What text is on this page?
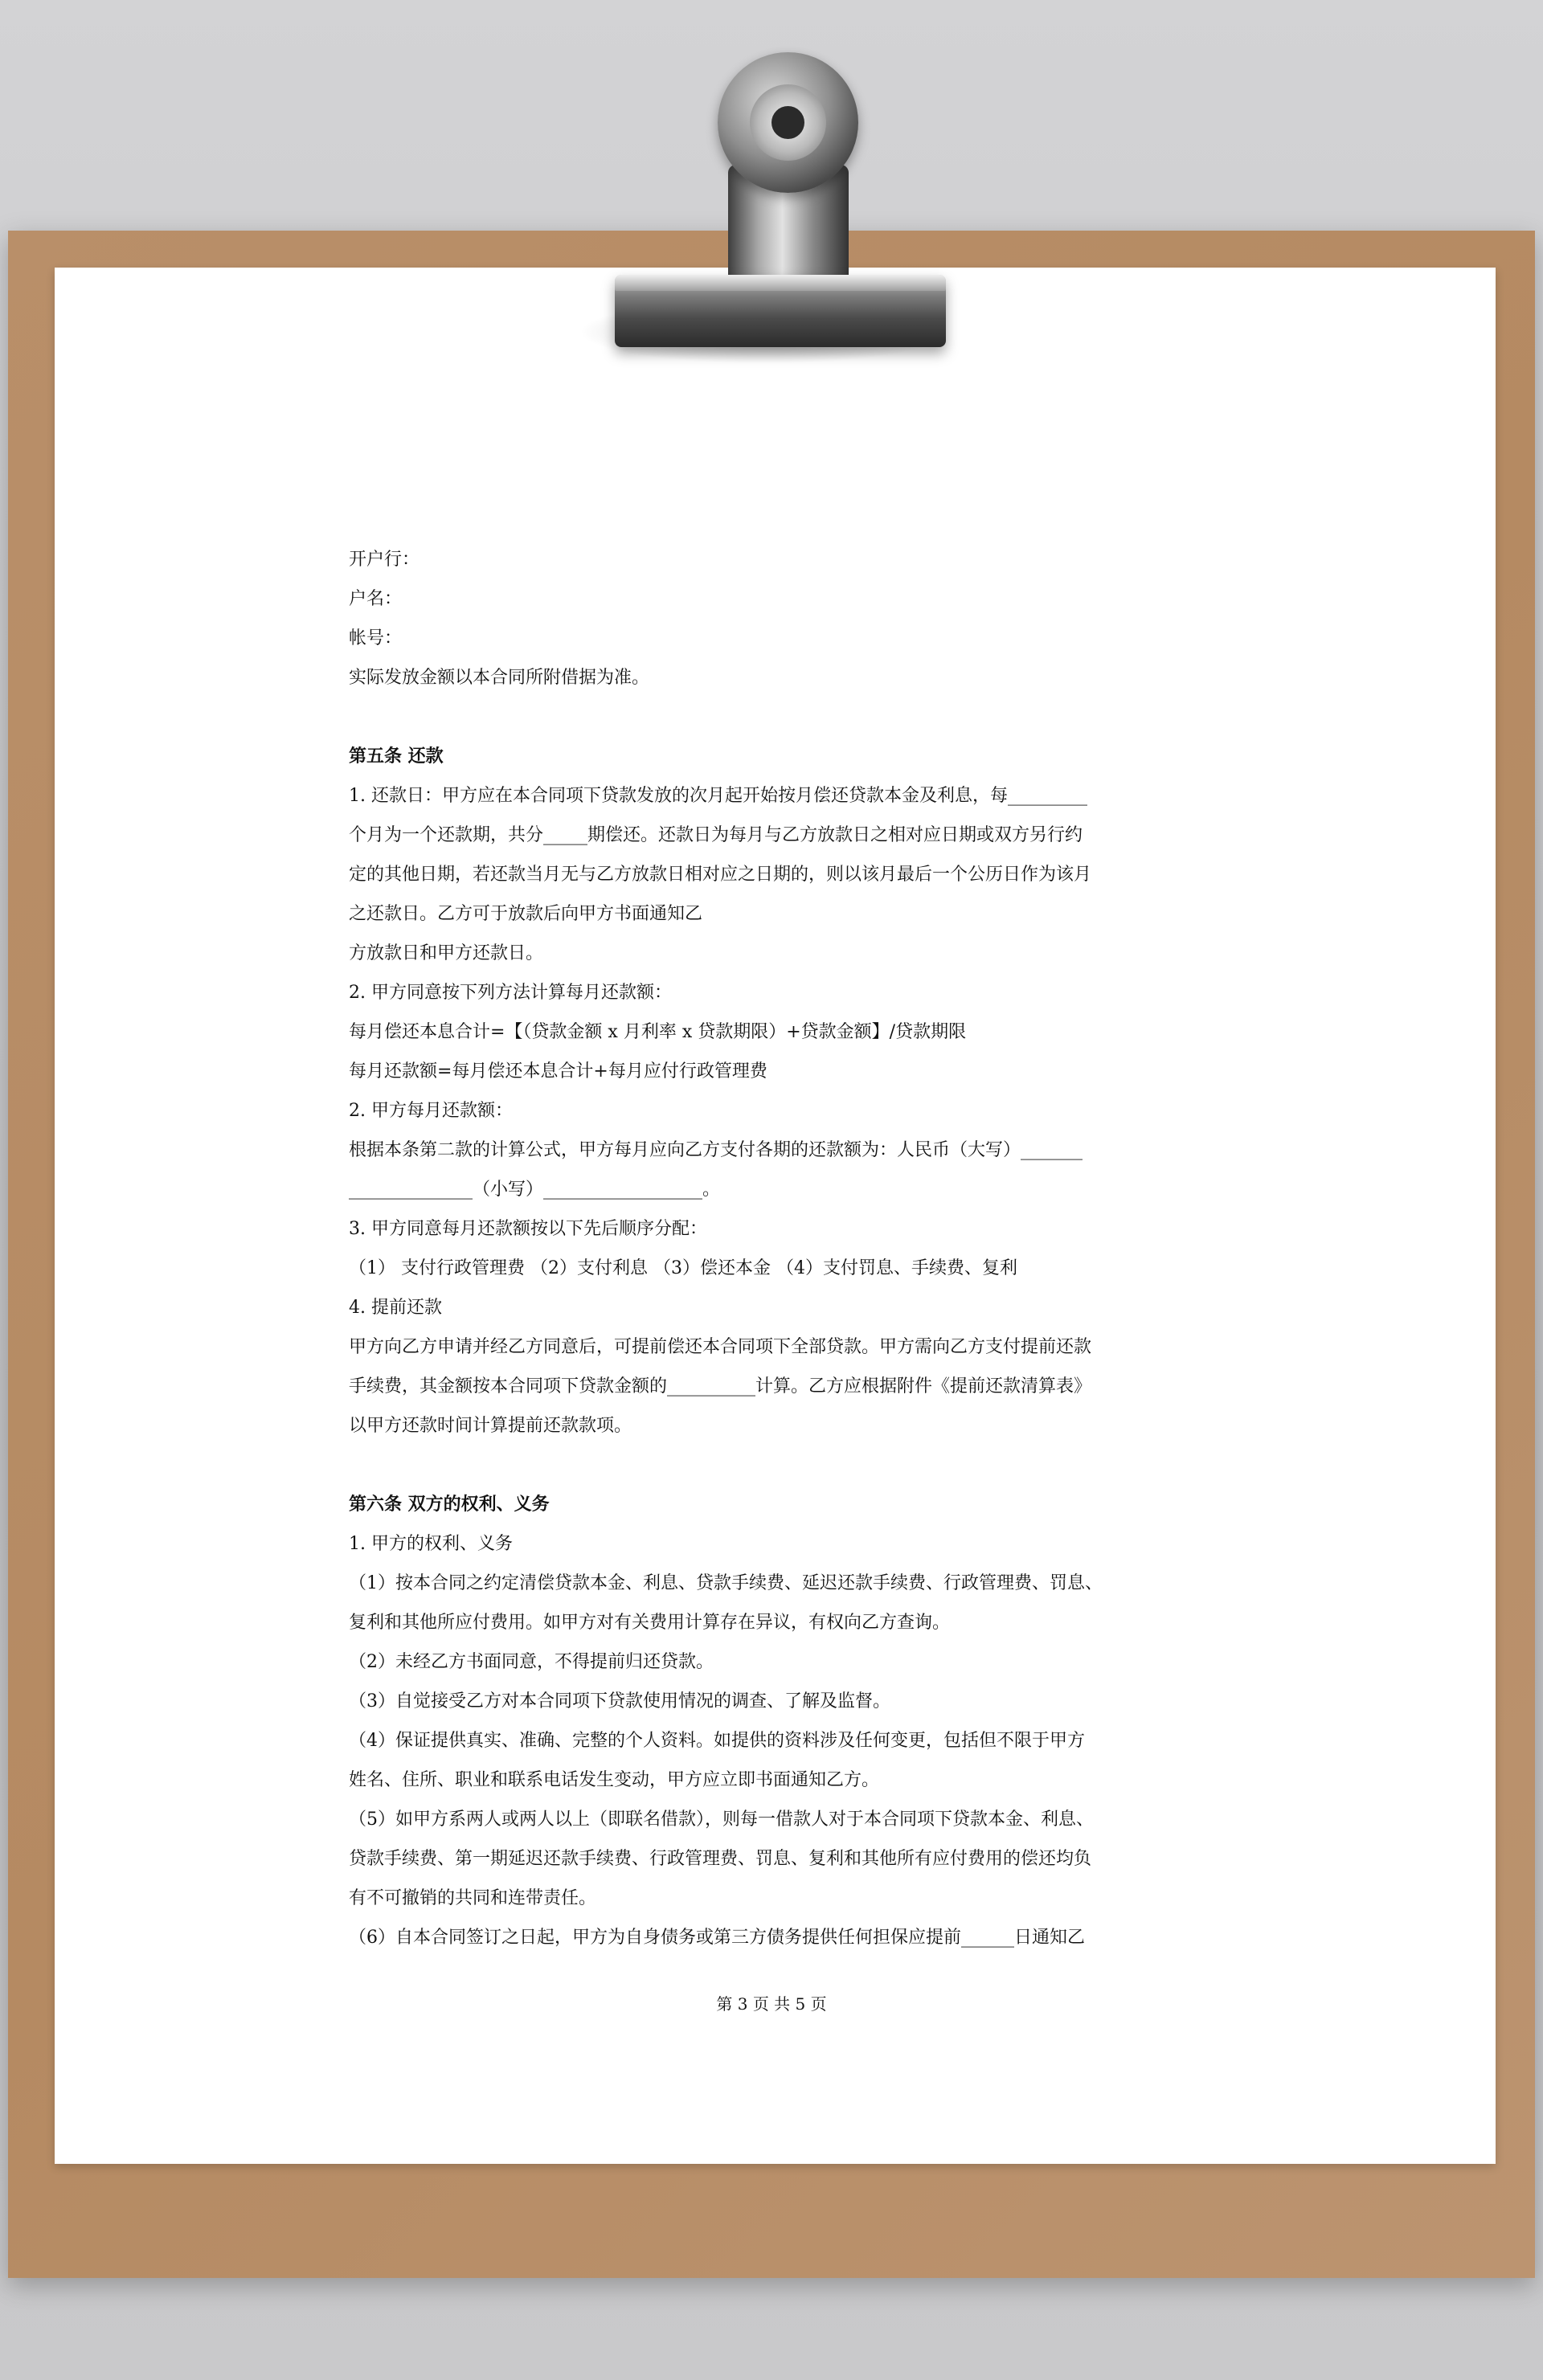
开户行：

户名：

帐号：

实际发放金额以本合同所附借据为准。

第五条 还款

1. 还款日：甲方应在本合同项下贷款发放的次月起开始按月偿还贷款本金及利息，每_________

个月为一个还款期，共分_____期偿还。还款日为每月与乙方放款日之相对应日期或双方另行约

定的其他日期，若还款当月无与乙方放款日相对应之日期的，则以该月最后一个公历日作为该月

之还款日。乙方可于放款后向甲方书面通知乙

方放款日和甲方还款日。

2. 甲方同意按下列方法计算每月还款额：

每月偿还本息合计=【（贷款金额 x 月利率 x 贷款期限）+贷款金额】/贷款期限

每月还款额=每月偿还本息合计+每月应付行政管理费

2. 甲方每月还款额：

根据本条第二款的计算公式，甲方每月应向乙方支付各期的还款额为：人民币（大写）_______

______________（小写）__________________。

3. 甲方同意每月还款额按以下先后顺序分配：

（1） 支付行政管理费 （2）支付利息 （3）偿还本金 （4）支付罚息、手续费、复利

4. 提前还款

甲方向乙方申请并经乙方同意后，可提前偿还本合同项下全部贷款。甲方需向乙方支付提前还款

手续费，其金额按本合同项下贷款金额的__________计算。乙方应根据附件《提前还款清算表》

以甲方还款时间计算提前还款款项。

第六条 双方的权利、义务

1. 甲方的权利、义务

（1）按本合同之约定清偿贷款本金、利息、贷款手续费、延迟还款手续费、行政管理费、罚息、

复利和其他所应付费用。如甲方对有关费用计算存在异议，有权向乙方查询。

（2）未经乙方书面同意，不得提前归还贷款。

（3）自觉接受乙方对本合同项下贷款使用情况的调查、了解及监督。

（4）保证提供真实、准确、完整的个人资料。如提供的资料涉及任何变更，包括但不限于甲方

姓名、住所、职业和联系电话发生变动，甲方应立即书面通知乙方。

（5）如甲方系两人或两人以上（即联名借款），则每一借款人对于本合同项下贷款本金、利息、

贷款手续费、第一期延迟还款手续费、行政管理费、罚息、复利和其他所有应付费用的偿还均负

有不可撤销的共同和连带责任。

（6）自本合同签订之日起，甲方为自身债务或第三方债务提供任何担保应提前______日通知乙

第 3 页 共 5 页
